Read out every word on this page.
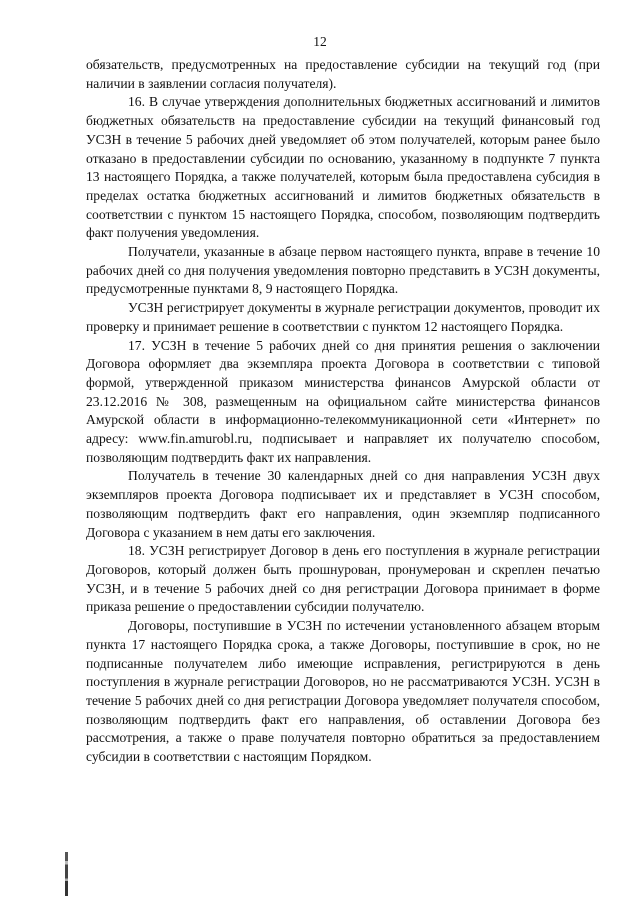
12

обязательств, предусмотренных на предоставление субсидии на текущий год (при наличии в заявлении согласия получателя).

16. В случае утверждения дополнительных бюджетных ассигнований и лимитов бюджетных обязательств на предоставление субсидии на текущий финансовый год УСЗН в течение 5 рабочих дней уведомляет об этом получателей, которым ранее было отказано в предоставлении субсидии по основанию, указанному в подпункте 7 пункта 13 настоящего Порядка, а также получателей, которым была предоставлена субсидия в пределах остатка бюджетных ассигнований и лимитов бюджетных обязательств в соответствии с пунктом 15 настоящего Порядка, способом, позволяющим подтвердить факт получения уведомления.

Получатели, указанные в абзаце первом настоящего пункта, вправе в течение 10 рабочих дней со дня получения уведомления повторно представить в УСЗН документы, предусмотренные пунктами 8, 9 настоящего Порядка.

УСЗН регистрирует документы в журнале регистрации документов, проводит их проверку и принимает решение в соответствии с пунктом 12 настоящего Порядка.

17. УСЗН в течение 5 рабочих дней со дня принятия решения о заключении Договора оформляет два экземпляра проекта Договора в соответствии с типовой формой, утвержденной приказом министерства финансов Амурской области от 23.12.2016 № 308, размещенным на официальном сайте министерства финансов Амурской области в информационно-телекоммуникационной сети «Интернет» по адресу: www.fin.amurobl.ru, подписывает и направляет их получателю способом, позволяющим подтвердить факт их направления.

Получатель в течение 30 календарных дней со дня направления УСЗН двух экземпляров проекта Договора подписывает их и представляет в УСЗН способом, позволяющим подтвердить факт его направления, один экземпляр подписанного Договора с указанием в нем даты его заключения.

18. УСЗН регистрирует Договор в день его поступления в журнале регистрации Договоров, который должен быть прошнурован, пронумерован и скреплен печатью УСЗН, и в течение 5 рабочих дней со дня регистрации Договора принимает в форме приказа решение о предоставлении субсидии получателю.

Договоры, поступившие в УСЗН по истечении установленного абзацем вторым пункта 17 настоящего Порядка срока, а также Договоры, поступившие в срок, но не подписанные получателем либо имеющие исправления, регистрируются в день поступления в журнале регистрации Договоров, но не рассматриваются УСЗН. УСЗН в течение 5 рабочих дней со дня регистрации Договора уведомляет получателя способом, позволяющим подтвердить факт его направления, об оставлении Договора без рассмотрения, а также о праве получателя повторно обратиться за предоставлением субсидии в соответствии с настоящим Порядком.
